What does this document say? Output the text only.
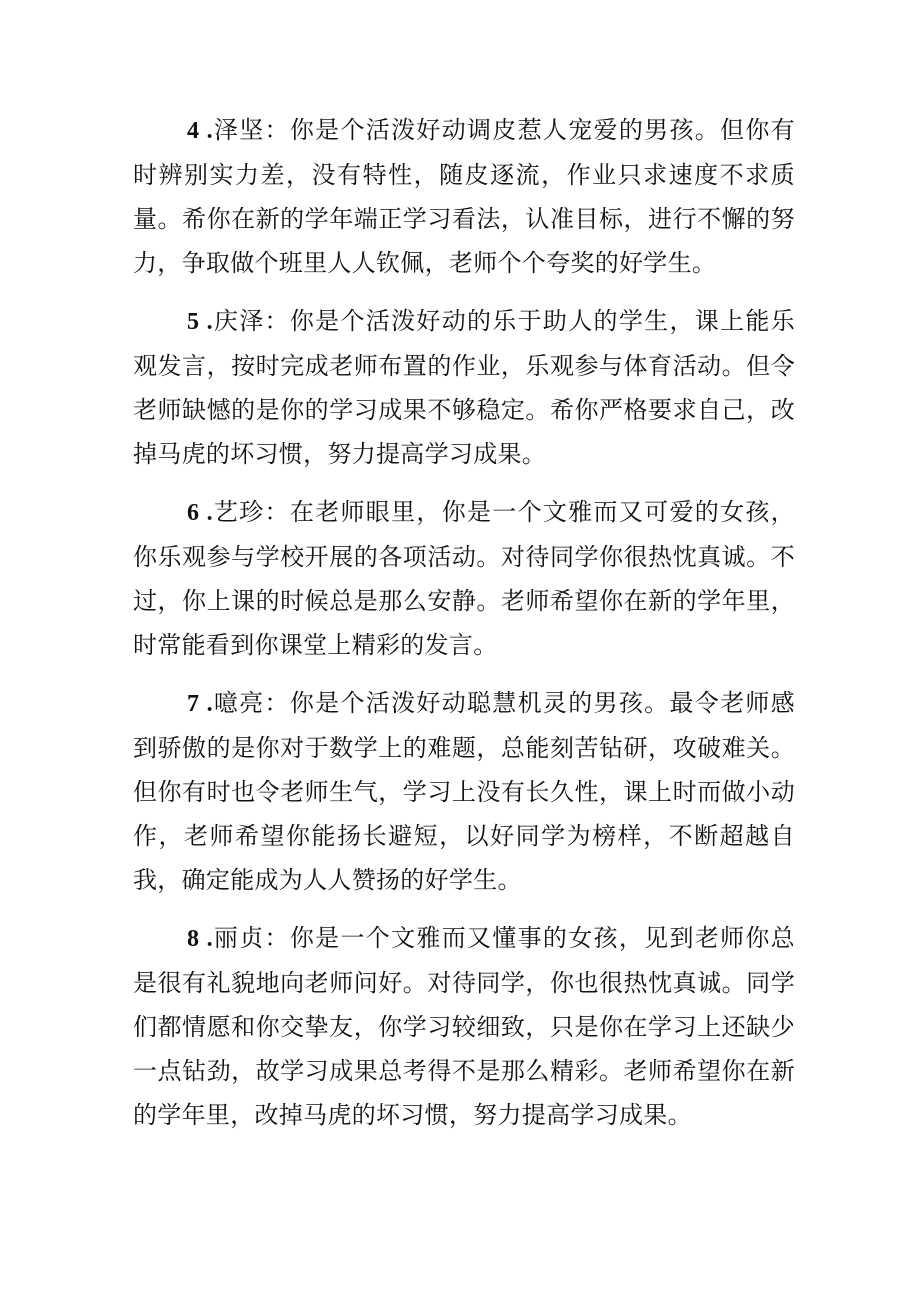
4 .泽坚：你是个活泼好动调皮惹人宠爱的男孩。但你有时辨别实力差，没有特性，随皮逐流，作业只求速度不求质量。希你在新的学年端正学习看法，认准目标，进行不懈的努力，争取做个班里人人钦佩，老师个个夸奖的好学生。

5 .庆泽：你是个活泼好动的乐于助人的学生，课上能乐观发言，按时完成老师布置的作业，乐观参与体育活动。但令老师缺憾的是你的学习成果不够稳定。希你严格要求自己，改掉马虎的坏习惯，努力提高学习成果。

6 .艺珍：在老师眼里，你是一个文雅而又可爱的女孩，你乐观参与学校开展的各项活动。对待同学你很热忱真诚。不过，你上课的时候总是那么安静。老师希望你在新的学年里，时常能看到你课堂上精彩的发言。

7 .噫亮：你是个活泼好动聪慧机灵的男孩。最令老师感到骄傲的是你对于数学上的难题，总能刻苦钻研，攻破难关。但你有时也令老师生气，学习上没有长久性，课上时而做小动作，老师希望你能扬长避短，以好同学为榜样，不断超越自我，确定能成为人人赞扬的好学生。

8 .丽贞：你是一个文雅而又懂事的女孩，见到老师你总是很有礼貌地向老师问好。对待同学，你也很热忱真诚。同学们都情愿和你交挚友，你学习较细致，只是你在学习上还缺少一点钻劲，故学习成果总考得不是那么精彩。老师希望你在新的学年里，改掉马虎的坏习惯，努力提高学习成果。
